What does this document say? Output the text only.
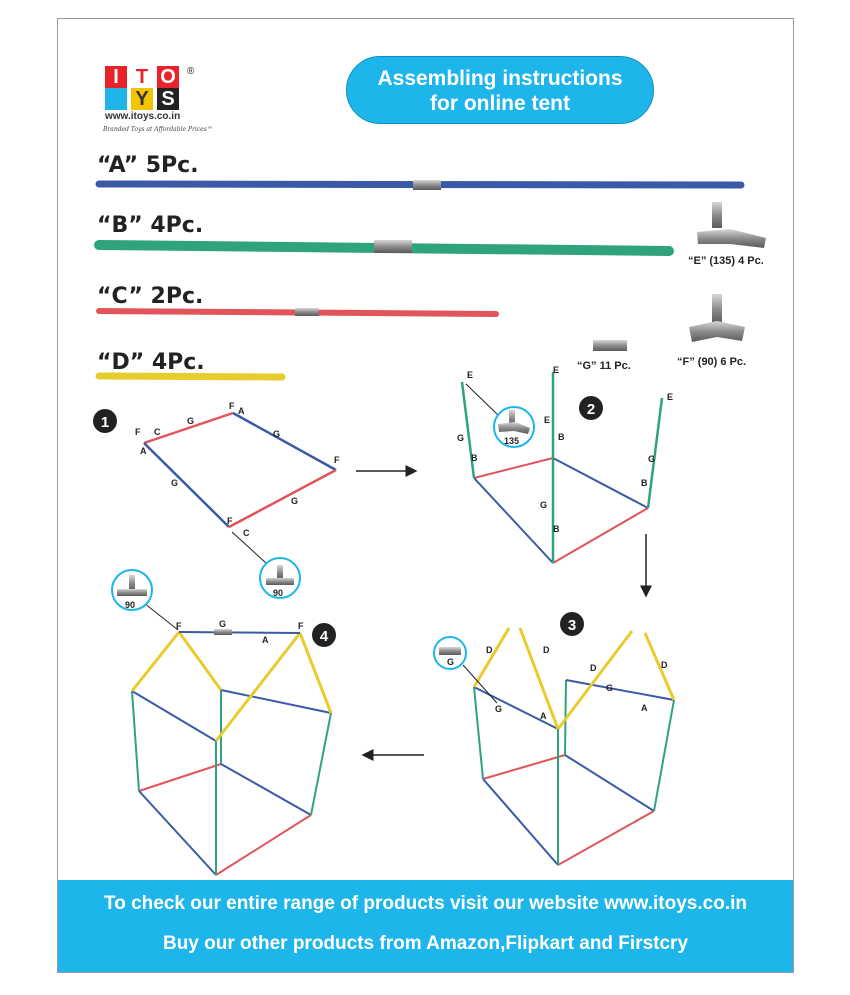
I T O
Y S
®
www.itoys.co.in
Branded Toys at Affordable Prices™
Assembling instructions
for online tent
“A” 5Pc.
“B” 4Pc.
“C” 2Pc.
“D” 4Pc.
“E” (135) 4 Pc.
“F” (90) 6 Pc.
“G” 11 Pc.
1
F C
G
F A
G
F
A
G
G
F
C
90
2
E	E
E
E
G
B
B
G
B
G
B
135
3
D	D
D	D
G
G
A
A
G
4
F	G
A
F
90
To check our entire range of products visit our website www.itoys.co.in
Buy our other products from Amazon,Flipkart and Firstcry
